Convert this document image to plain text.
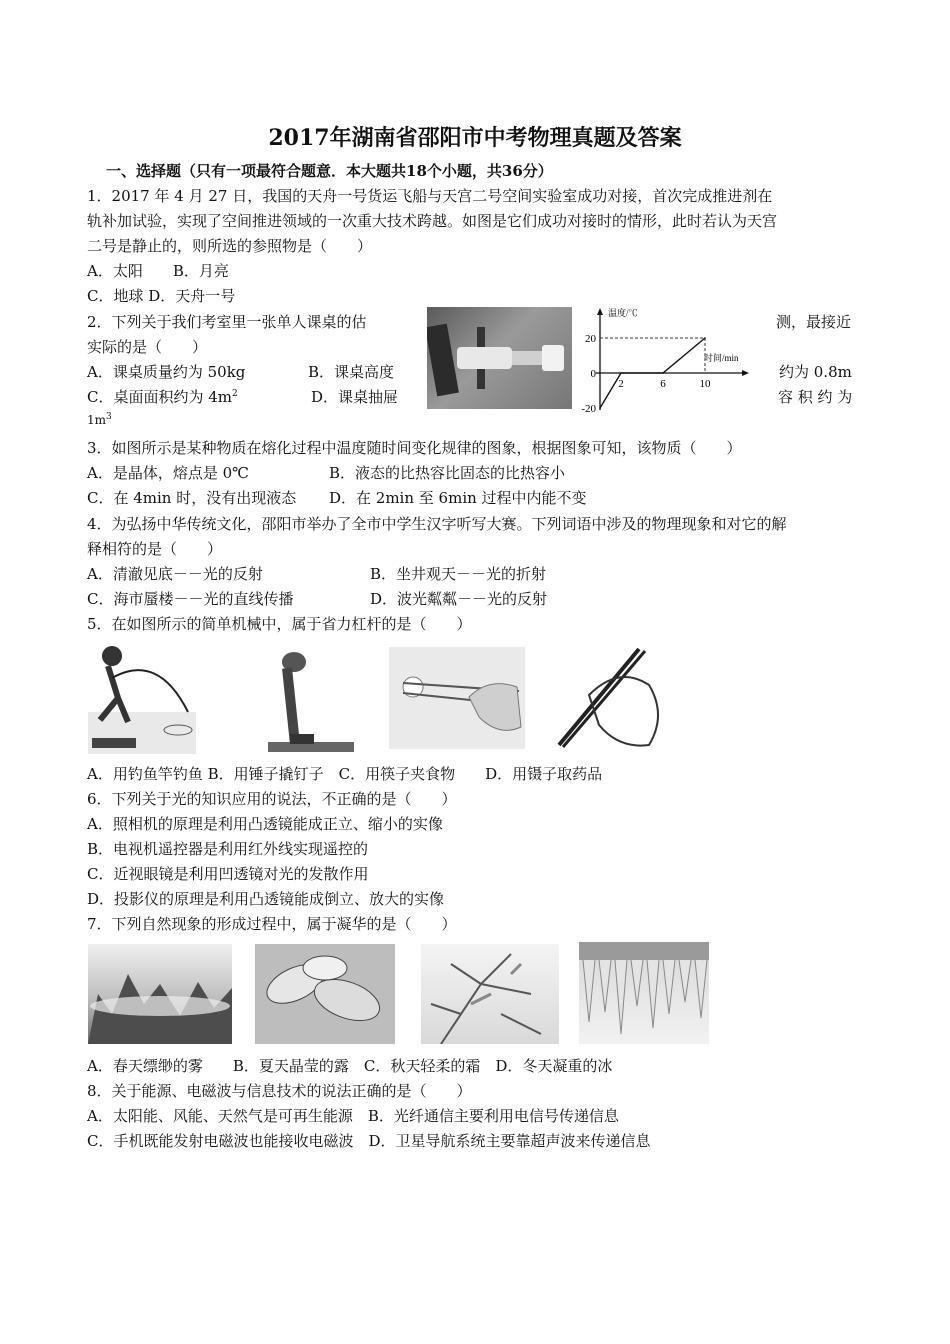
2017年湖南省邵阳市中考物理真题及答案
一、选择题（只有一项最符合题意．本大题共18个小题，共36分）
1．2017 年 4 月 27 日，我国的天舟一号货运飞船与天宫二号空间实验室成功对接，首次完成推进剂在
轨补加试验，实现了空间推进领域的一次重大技术跨越。如图是它们成功对接时的情形，此时若认为天宫
二号是静止的，则所选的参照物是（　　）
A．太阳　　B．月亮
C．地球 D．天舟一号
2．下列关于我们考室里一张单人课桌的估	测，最接近
实际的是（　　）
A．课桌质量约为 50kg	B．课桌高度	约为 0.8m
C．桌面面积约为 $4m^2$	D．课桌抽屉	容 积 约 为
$1m^3$
温度/℃
时间/min
20
0
-20
2	6	10
3．如图所示是某种物质在熔化过程中温度随时间变化规律的图象，根据图象可知，该物质（　　）
A．是晶体，熔点是 0℃	B．液态的比热容比固态的比热容小
C．在 4min 时，没有出现液态 D．在 2min 至 6min 过程中内能不变
4．为弘扬中华传统文化，邵阳市举办了全市中学生汉字听写大赛。下列词语中涉及的物理现象和对它的解
释相符的是（　　）
A．清澈见底－－光的反射	B．坐井观天－－光的折射
C．海市蜃楼－－光的直线传播	D．波光粼粼－－光的反射
5．在如图所示的简单机械中，属于省力杠杆的是（　　）
A．用钓鱼竿钓鱼 B．用锤子撬钉子　C．用筷子夹食物　　D．用镊子取药品
6．下列关于光的知识应用的说法，不正确的是（　　）
A．照相机的原理是利用凸透镜能成正立、缩小的实像
B．电视机遥控器是利用红外线实现遥控的
C．近视眼镜是利用凹透镜对光的发散作用
D．投影仪的原理是利用凸透镜能成倒立、放大的实像
7．下列自然现象的形成过程中，属于凝华的是（　　）
A．春天缥缈的雾　　B．夏天晶莹的露　C．秋天轻柔的霜　D．冬天凝重的冰
8．关于能源、电磁波与信息技术的说法正确的是（　　）
A．太阳能、风能、天然气是可再生能源　B．光纤通信主要利用电信号传递信息
C．手机既能发射电磁波也能接收电磁波　D．卫星导航系统主要靠超声波来传递信息
